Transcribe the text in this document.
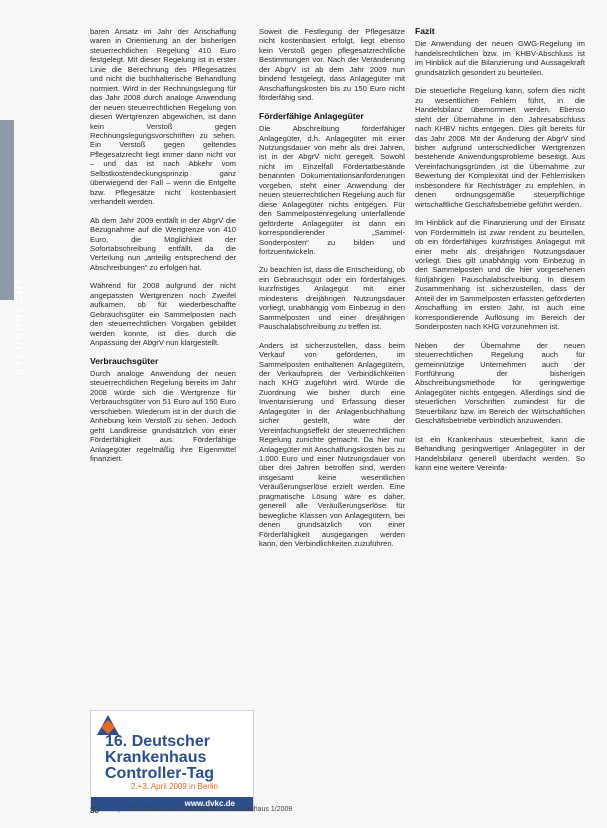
STEUERRECHT

baren Ansatz im Jahr der Anschaffung waren in Orientierung an der bisherigen steuerrechtlichen Regelung 410 Euro festgelegt. Mit dieser Regelung ist in erster Linie die Berechnung des Pflegesatzes und nicht die buchhalterische Behandlung normiert. Wird in der Rechnungslegung für das Jahr 2008 durch analoge Anwendung der neuen steuerrechtlichen Regelung von diesen Wertgrenzen abgewichen, ist dann kein Verstoß gegen Rechnungslegungsvorschriften zu sehen. Ein Verstoß gegen geltendes Pflegesatzrecht liegt immer dann nicht vor – und das ist nach Abkehr vom Selbstkostendeckungsprinzip ganz überwiegend der Fall – wenn die Entgelte bzw. Pflegesätze nicht kostenbasiert verhandelt werden.

Ab dem Jahr 2009 entfällt in der AbgrV die Bezugnahme auf die Wertgrenze von 410 Euro, die Möglichkeit der Sofortabschreibung entfällt, da die Verteilung nun „anteilig entsprechend der Abschreibungen“ zu erfolgen hat.

Während für 2008 aufgrund der nicht angepassten Wertgrenzen noch Zweifel aufkamen, ob für wiederbeschaffte Gebrauchsgüter ein Sammelposten nach den steuerrechtlichen Vorgaben gebildet werden konnte, ist dies durch die Anpassung der AbgrV nun klargestellt.

Verbrauchsgüter

Durch analoge Anwendung der neuen steuerrechtlichen Regelung bereits im Jahr 2008 würde sich die Wertgrenze für Verbrauchsgüter von 51 Euro auf 150 Euro verschieben. Wiederum ist in der durch die Anhebung kein Verstoß zu sehen. Jedoch geht Landkreise grundsätzlich von einer Förderfähigkeit aus. Förderfähige Anlagegüter regelmäßig ihre Eigenmittel finanziert.

16. Deutscher
Krankenhaus
Controller-Tag
2.+3. April 2009 in Berlin
www.dvkc.de

Soweit die Festlegung der Pflegesätze nicht kostenbasiert erfolgt, liegt ebenso kein Verstoß gegen pflegesatzrechtliche Bestimmungen vor. Nach der Veränderung der AbgrV ist ab dem Jahr 2009 nun bindend festgelegt, dass Anlagegüter mit Anschaffungskosten bis zu 150 Euro nicht förderfähig sind.

Förderfähige Anlagegüter

Die Abschreibung förderfähiger Anlagegüter, d.h. Anlagegüter mit einer Nutzungsdauer von mehr als drei Jahren, ist in der AbgrV nicht geregelt. Sowohl nicht im Einzelfall Fördertatbestände benannten Dokumentationsanforderungen vorgeben, steht einer Anwendung der neuen steuerrechtlichen Regelung auch für diese Anlagegüter nichts entgegen. Für den Sammelpostenregelung unterfallende geförderte Anlagegüter ist dann ein korrespondierender „Sammel-Sonderposten“ zu bilden und fortzuentwickeln.

Zu beachten ist, dass die Entscheidung, ob ein Gebrauchsgut oder ein förderfähiges kurzfristiges Anlagegut mit einer mindestens dreijährigen Nutzungsdauer vorliegt, unabhängig vom Einbezug in den Sammelposten und einer dreijährigen Pauschalabschreibung zu treffen ist.

Anders ist sicherzustellen, dass beim Verkauf von geförderten, im Sammelposten enthaltenen Anlagegütern, der Verkaufspreis der Verbindlichkeiten nach KHG zugeführt wird. Würde die Zuordnung wie bisher durch eine Inventarisierung und Erfassung dieser Anlagegüter in der Anlagenbuchhaltung sicher gestellt, wäre der Vereinfachungseffekt der steuerrechtlichen Regelung zunichte gemacht. Da hier nur Anlagegüter mit Anschaffungskosten bis zu 1.000 Euro und einer Nutzungsdauer von über drei Jahren betroffen sind, werden insgesamt keine wesentlichen Veräußerungserlöse erzielt werden. Eine pragmatische Lösung wäre es daher, generell alle Veräußerungserlöse für bewegliche Klassen von Anlagegütern, bei denen grundsätzlich von einer Förderfähigkeit ausgegangen werden kann, den Verbindlichkeiten zuzuführen.

Fazit

Die Anwendung der neuen GWG-Regelung im handelsrechtlichen bzw. im KHBV-Abschluss ist im Hinblick auf die Bilanzierung und Aussagekraft grundsätzlich gesondert zu beurteilen.

Die steuerliche Regelung kann, sofern dies nicht zu wesentlichen Fehlern führt, in die Handelsbilanz übernommen werden. Ebenso steht der Übernahme in den Jahresabschluss nach KHBV nichts entgegen. Dies gilt bereits für das Jahr 2008. Mit der Änderung der AbgrV sind bisher aufgrund unterschiedlicher Wertgrenzen bestehende Anwendungsprobleme beseitigt. Aus Vereinfachungsgründen ist die Übernahme zur Bewertung der Komplexität und der Fehlerrisiken insbesondere für Rechtsträger zu empfehlen, in denen ordnungsgemäße steuerpflichtige wirtschaftliche Geschäftsbetriebe geführt werden.

Im Hinblick auf die Finanzierung und der Einsatz von Fördermitteln ist zwar rendent zu beurteilen, ob ein förderfähiges kurzfristiges Anlagegut mit einer mehr als dreijährigen Nutzungsdauer vorliegt. Dies gilt unabhängig vom Einbezug in den Sammelposten und die hier vorgesehenen fünfjährigen Pauschalabschreibung. In diesem Zusammenhang ist sicherzustellen, dass der Anteil der im Sammelposten erfassten geförderten Anschaffung im ersten Jahr, ist auch eine korrespondierende Auflösung im Bereich der Sonderposten nach KHG vorzunehmen ist.

Neben der Übernahme der neuen steuerrechtlichen Regelung auch für gemeinnützige Unternehmen auch der Fortführung der bisherigen Abschreibungsmethode für geringwertige Anlagegüter nichts entgegen. Allerdings sind die steuerlichen Vorschriften zumindest für die Steuerbilanz bzw. im Bereich der Wirtschaftlichen Geschäftsbetriebe verbindlich anzuwenden.

Ist ein Krankenhaus steuerbefreit, kann die Behandlung geringwertiger Anlagegüter in der Handelsbilanz generell überdacht werden. So kann eine weitere Vereinfa-

38	| f&w führen und wirtschaften im Krankenhaus 1/2009
